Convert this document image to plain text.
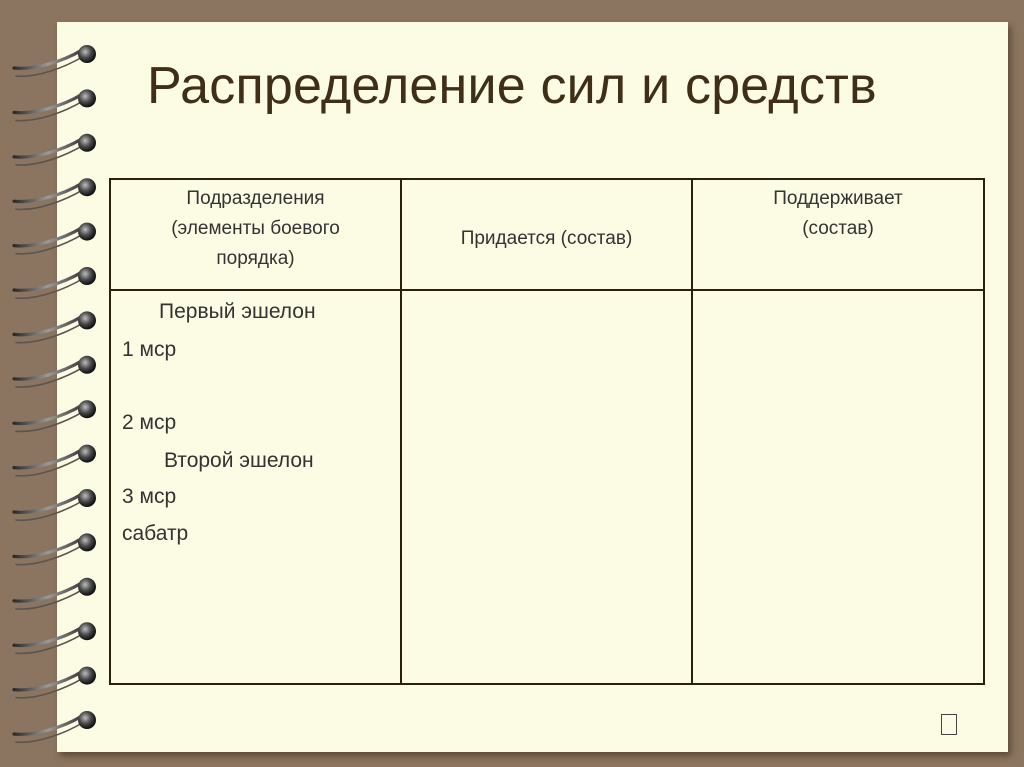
Распределение сил и средств
Подразделения
(элементы боевого
порядка)
Придается (состав)
Поддерживает
(состав)
Первый эшелон
1 мср
2 мср
Второй эшелон
3 мср
сабатр
